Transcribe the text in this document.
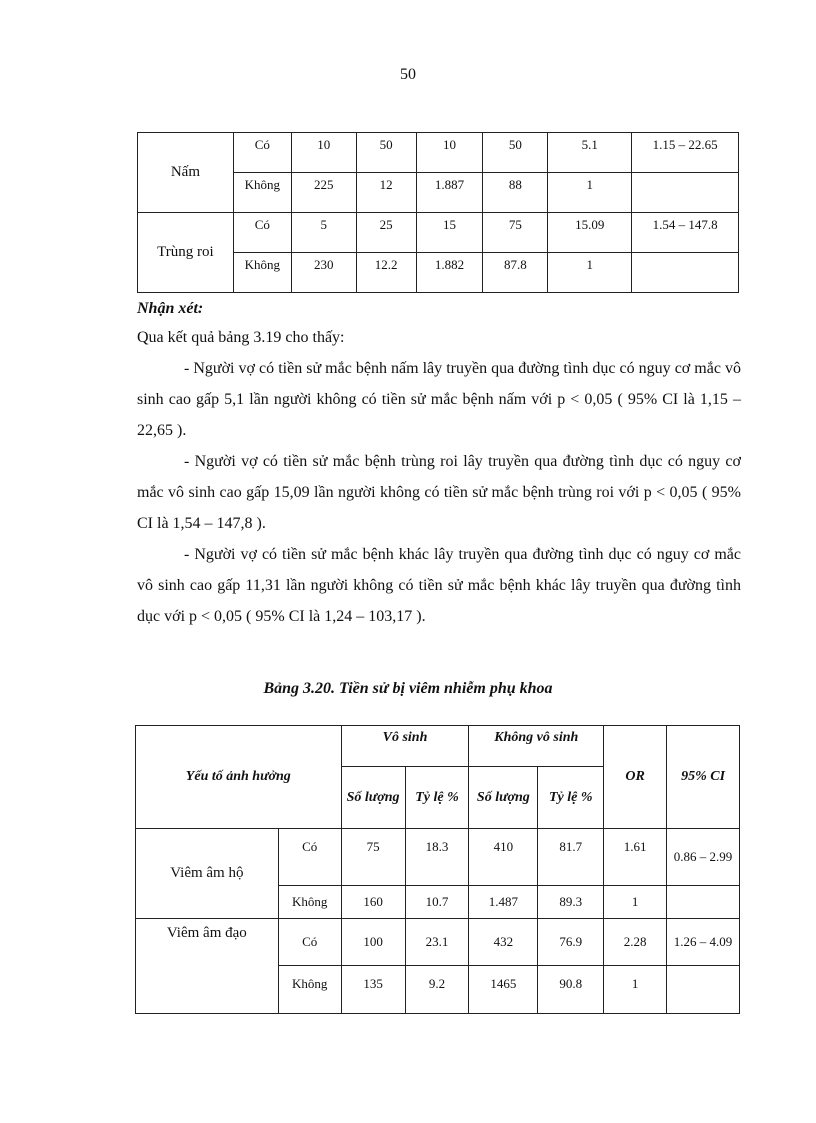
50
Nấm	Có	10	50	10	50	5.1	1.15 – 22.65
	Không	225	12	1.887	88	1	
Trùng roi	Có	5	25	15	75	15.09	1.54 – 147.8
	Không	230	12.2	1.882	87.8	1	

Nhận xét:

Qua kết quả bảng 3.19 cho thấy:

- Người vợ có tiền sử mắc bệnh nấm lây truyền qua đường tình dục có nguy cơ mắc vô sinh cao gấp 5,1 lần người không có tiền sử mắc bệnh nấm với p < 0,05 ( 95% CI là 1,15 – 22,65 ).

- Người vợ có tiền sử mắc bệnh trùng roi lây truyền qua đường tình dục có nguy cơ mắc vô sinh cao gấp 15,09 lần người không có tiền sử mắc bệnh trùng roi với p < 0,05 ( 95% CI là 1,54 – 147,8 ).

- Người vợ có tiền sử mắc bệnh khác lây truyền qua đường tình dục có nguy cơ mắc vô sinh cao gấp 11,31 lần người không có tiền sử mắc bệnh khác lây truyền qua đường tình dục với p < 0,05 ( 95% CI là 1,24 – 103,17 ).

Bảng 3.20. Tiền sử bị viêm nhiễm phụ khoa
Yếu tố ảnh hưởng		Vô sinh		Không vô sinh		OR	95% CI
		Số lượng	Tỷ lệ %	Số lượng	Tỷ lệ %		
Viêm âm hộ	Có	75	18.3	410	81.7	1.61	0.86 – 2.99
	Không	160	10.7	1.487	89.3	1	
Viêm âm đạo	Có	100	23.1	432	76.9	2.28	1.26 – 4.09
	Không	135	9.2	1465	90.8	1	
